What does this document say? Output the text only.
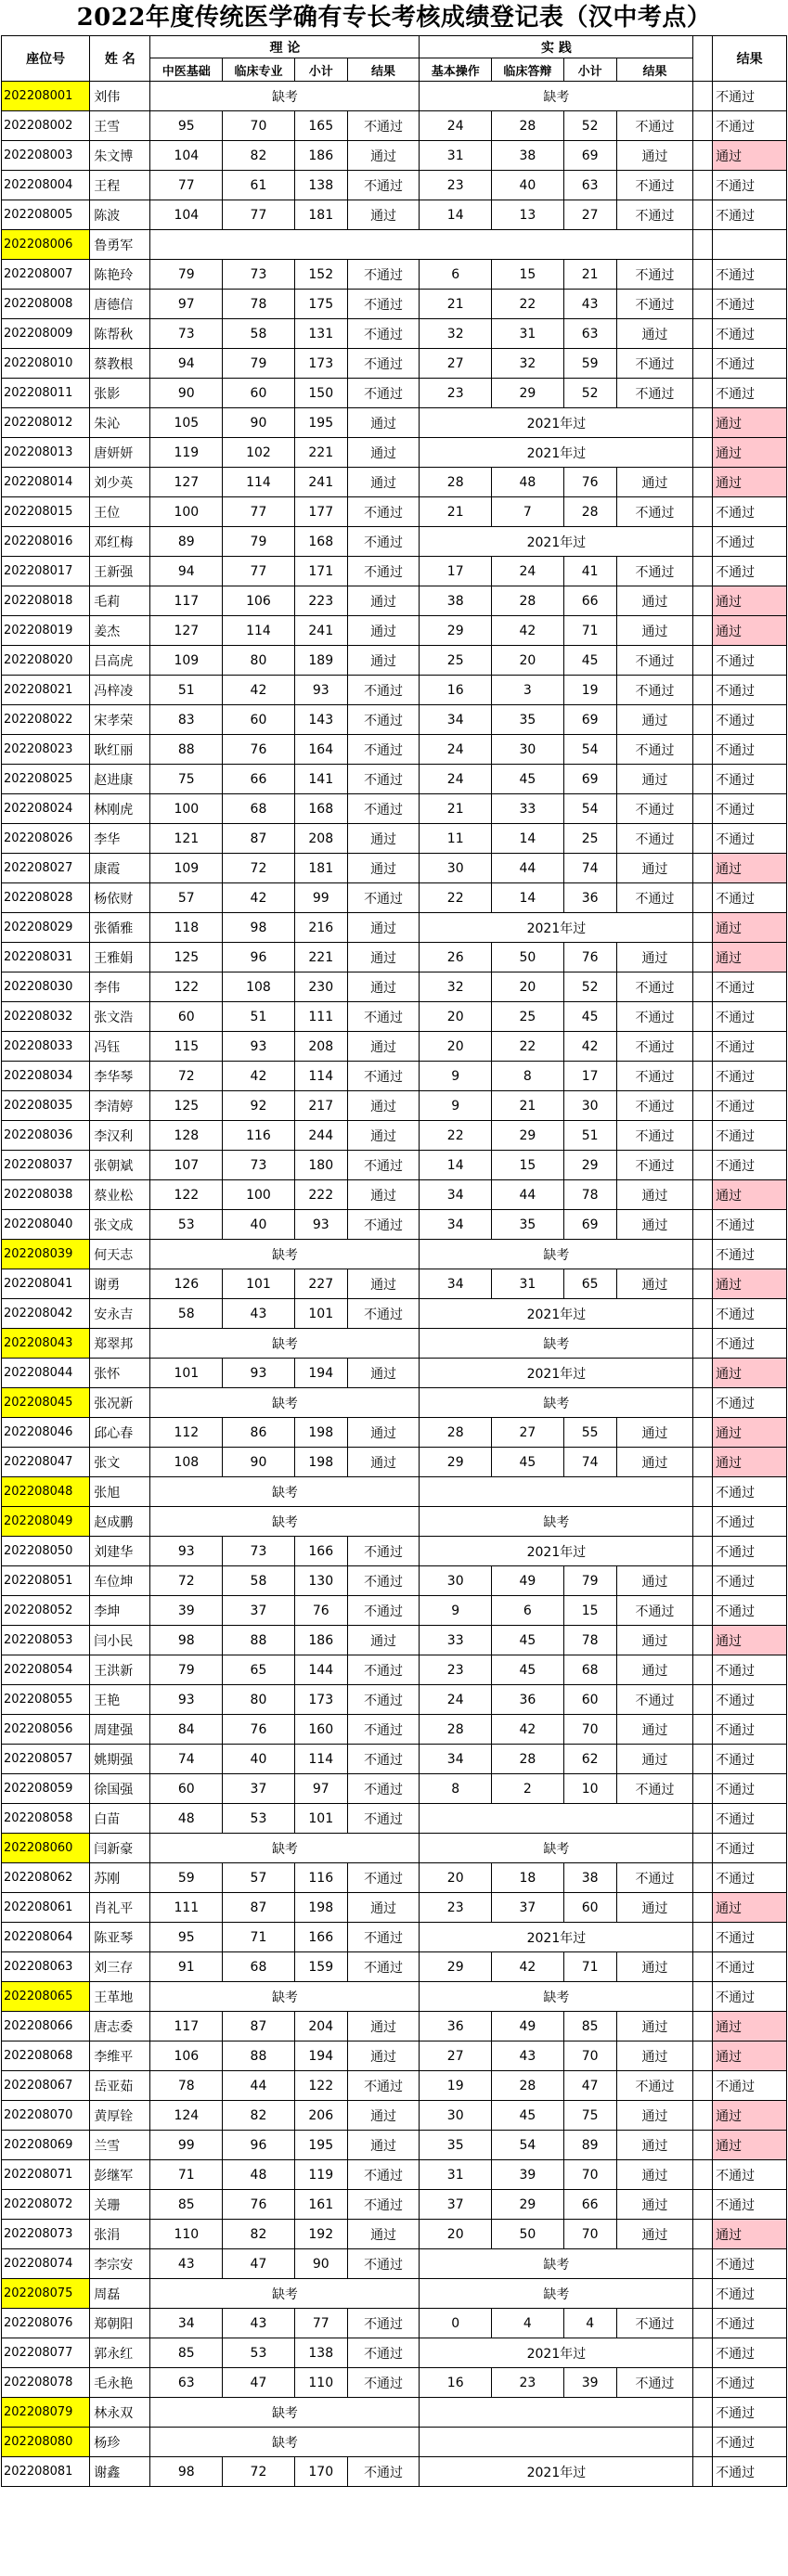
2022年度传统医学确有专长考核成绩登记表（汉中考点）
座位号	姓 名	理 论				实 践					结果
		中医基础	临床专业	小计	结果	基本操作	临床答辩	小计	结果		
202208001	刘伟	缺考				缺考					不通过
202208002	王雪	95	70	165	不通过	24	28	52	不通过		不通过
202208003	朱文博	104	82	186	通过	31	38	69	通过		通过
202208004	王程	77	61	138	不通过	23	40	63	不通过		不通过
202208005	陈波	104	77	181	通过	14	13	27	不通过		不通过
202208006	鲁勇军										
202208007	陈艳玲	79	73	152	不通过	6	15	21	不通过		不通过
202208008	唐德信	97	78	175	不通过	21	22	43	不通过		不通过
202208009	陈帮秋	73	58	131	不通过	32	31	63	通过		不通过
202208010	蔡教根	94	79	173	不通过	27	32	59	不通过		不通过
202208011	张影	90	60	150	不通过	23	29	52	不通过		不通过
202208012	朱沁	105	90	195	通过	2021年过					通过
202208013	唐妍妍	119	102	221	通过	2021年过					通过
202208014	刘少英	127	114	241	通过	28	48	76	通过		通过
202208015	王位	100	77	177	不通过	21	7	28	不通过		不通过
202208016	邓红梅	89	79	168	不通过	2021年过					不通过
202208017	王新强	94	77	171	不通过	17	24	41	不通过		不通过
202208018	毛莉	117	106	223	通过	38	28	66	通过		通过
202208019	姜杰	127	114	241	通过	29	42	71	通过		通过
202208020	吕高虎	109	80	189	通过	25	20	45	不通过		不通过
202208021	冯梓凌	51	42	93	不通过	16	3	19	不通过		不通过
202208022	宋孝荣	83	60	143	不通过	34	35	69	通过		不通过
202208023	耿红丽	88	76	164	不通过	24	30	54	不通过		不通过
202208025	赵进康	75	66	141	不通过	24	45	69	通过		不通过
202208024	林刚虎	100	68	168	不通过	21	33	54	不通过		不通过
202208026	李华	121	87	208	通过	11	14	25	不通过		不通过
202208027	康霞	109	72	181	通过	30	44	74	通过		通过
202208028	杨依财	57	42	99	不通过	22	14	36	不通过		不通过
202208029	张循雅	118	98	216	通过	2021年过					通过
202208031	王雅娟	125	96	221	通过	26	50	76	通过		通过
202208030	李伟	122	108	230	通过	32	20	52	不通过		不通过
202208032	张文浩	60	51	111	不通过	20	25	45	不通过		不通过
202208033	冯钰	115	93	208	通过	20	22	42	不通过		不通过
202208034	李华琴	72	42	114	不通过	9	8	17	不通过		不通过
202208035	李清婷	125	92	217	通过	9	21	30	不通过		不通过
202208036	李汉利	128	116	244	通过	22	29	51	不通过		不通过
202208037	张朝斌	107	73	180	不通过	14	15	29	不通过		不通过
202208038	蔡业松	122	100	222	通过	34	44	78	通过		通过
202208040	张文成	53	40	93	不通过	34	35	69	通过		不通过
202208039	何天志	缺考				缺考					不通过
202208041	谢勇	126	101	227	通过	34	31	65	通过		通过
202208042	安永吉	58	43	101	不通过	2021年过					不通过
202208043	郑翠邦	缺考				缺考					不通过
202208044	张怀	101	93	194	通过	2021年过					通过
202208045	张况新	缺考				缺考					不通过
202208046	邱心春	112	86	198	通过	28	27	55	通过		通过
202208047	张文	108	90	198	通过	29	45	74	通过		通过
202208048	张旭	缺考									不通过
202208049	赵成鹏	缺考				缺考					不通过
202208050	刘建华	93	73	166	不通过	2021年过					不通过
202208051	车位坤	72	58	130	不通过	30	49	79	通过		不通过
202208052	李坤	39	37	76	不通过	9	6	15	不通过		不通过
202208053	闫小民	98	88	186	通过	33	45	78	通过		通过
202208054	王洪新	79	65	144	不通过	23	45	68	通过		不通过
202208055	王艳	93	80	173	不通过	24	36	60	不通过		不通过
202208056	周建强	84	76	160	不通过	28	42	70	通过		不通过
202208057	姚期强	74	40	114	不通过	34	28	62	通过		不通过
202208059	徐国强	60	37	97	不通过	8	2	10	不通过		不通过
202208058	白苗	48	53	101	不通过						不通过
202208060	闫新豪	缺考				缺考					不通过
202208062	苏刚	59	57	116	不通过	20	18	38	不通过		不通过
202208061	肖礼平	111	87	198	通过	23	37	60	通过		通过
202208064	陈亚琴	95	71	166	不通过	2021年过					不通过
202208063	刘三存	91	68	159	不通过	29	42	71	通过		不通过
202208065	王革地	缺考				缺考					不通过
202208066	唐志委	117	87	204	通过	36	49	85	通过		通过
202208068	李维平	106	88	194	通过	27	43	70	通过		通过
202208067	岳亚茹	78	44	122	不通过	19	28	47	不通过		不通过
202208070	黄厚铨	124	82	206	通过	30	45	75	通过		通过
202208069	兰雪	99	96	195	通过	35	54	89	通过		通过
202208071	彭继军	71	48	119	不通过	31	39	70	通过		不通过
202208072	关珊	85	76	161	不通过	37	29	66	通过		不通过
202208073	张涓	110	82	192	通过	20	50	70	通过		通过
202208074	李宗安	43	47	90	不通过	缺考					不通过
202208075	周磊	缺考				缺考					不通过
202208076	郑朝阳	34	43	77	不通过	0	4	4	不通过		不通过
202208077	郭永红	85	53	138	不通过	2021年过					不通过
202208078	毛永艳	63	47	110	不通过	16	23	39	不通过		不通过
202208079	林永双	缺考									不通过
202208080	杨珍	缺考									不通过
202208081	谢鑫	98	72	170	不通过	2021年过					不通过
